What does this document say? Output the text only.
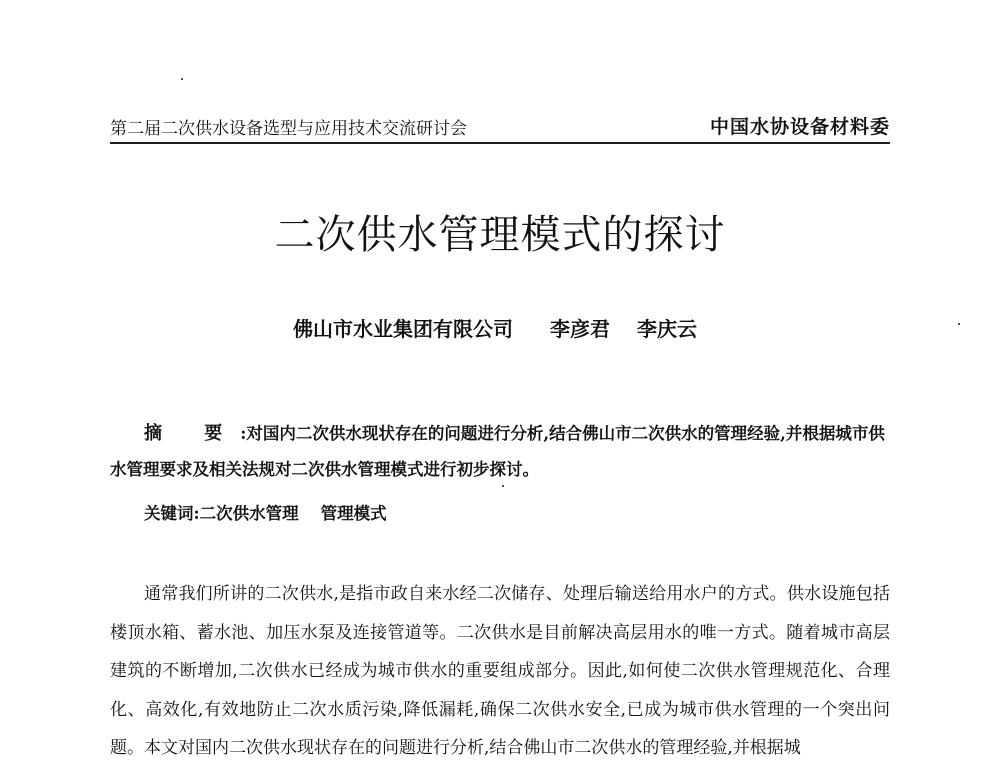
第二届二次供水设备选型与应用技术交流研讨会	中国水协设备材料委
二次供水管理模式的探讨
佛山市水业集团有限公司 李彦君 李庆云
摘 要:对国内二次供水现状存在的问题进行分析,结合佛山市二次供水的管理经验,并根据城市供水管理要求及相关法规对二次供水管理模式进行初步探讨。
关键词:二次供水管理 管理模式
通常我们所讲的二次供水,是指市政自来水经二次储存、处理后输送给用水户的方式。供水设施包括楼顶水箱、蓄水池、加压水泵及连接管道等。二次供水是目前解决高层用水的唯一方式。随着城市高层建筑的不断增加,二次供水已经成为城市供水的重要组成部分。因此,如何使二次供水管理规范化、合理化、高效化,有效地防止二次水质污染,降低漏耗,确保二次供水安全,已成为城市供水管理的一个突出问题。本文对国内二次供水现状存在的问题进行分析,结合佛山市二次供水的管理经验,并根据城
